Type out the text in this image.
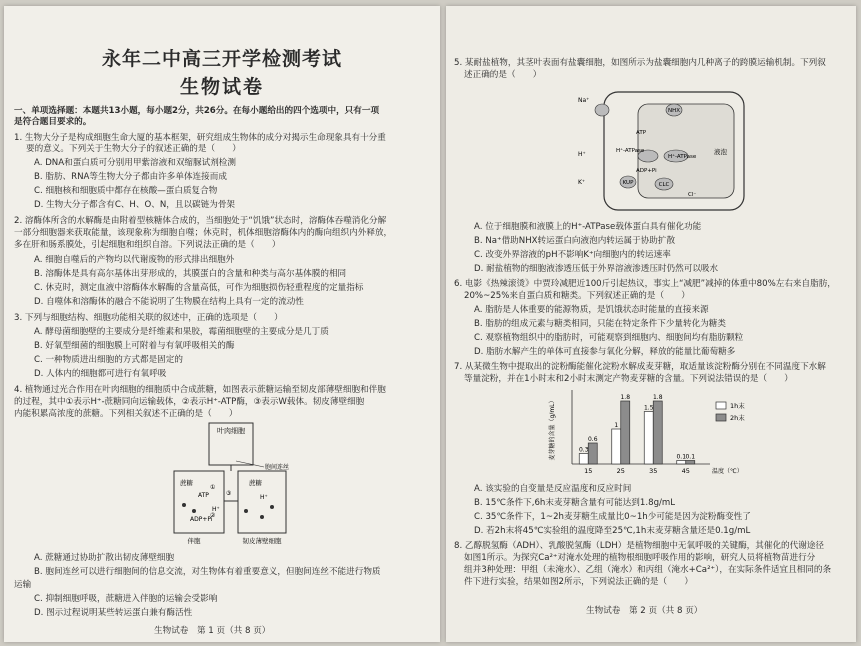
永年二中高三开学检测考试
生物试卷
一、单项选择题：本题共13小题，每小题2分，共26分。在每小题给出的四个选项中，只有一项
是符合题目要求的。
1. 生物大分子是构成细胞生命大厦的基本框架，研究组成生物体的成分对揭示生命现象具有十分重
要的意义。下列关于生物大分子的叙述正确的是（　　）
A. DNA和蛋白质可分别用甲紫溶液和双缩脲试剂检测
B. 脂肪、RNA等生物大分子都由许多单体连接而成
C. 细胞核和细胞质中都存在核酸—蛋白质复合物
D. 生物大分子都含有C、H、O、N，且以碳链为骨架
2. 溶酶体所含的水解酶是由附着型核糖体合成的，当细胞处于“饥饿”状态时，溶酶体吞噬消化分解
一部分细胞器来获取能量，该现象称为细胞自噬；休克时，机体细胞溶酶体内的酶向组织内外释放，
多在肝和肠系膜处，引起细胞和组织自溶。下列说法正确的是（　　）
A. 细胞自噬后的产物均以代谢废物的形式排出细胞外
B. 溶酶体是具有高尔基体出芽形成的，其膜蛋白的含量和种类与高尔基体膜的相同
C. 休克时，测定血液中溶酶体水解酶的含量高低，可作为细胞损伤轻重程度的定量指标
D. 自噬体和溶酶体的融合不能说明了生物膜在结构上具有一定的流动性
3. 下列与细胞结构、细胞功能相关联的叙述中，正确的选项是（　　）
A. 酵母菌细胞壁的主要成分是纤维素和果胶，霉菌细胞壁的主要成分是几丁质
B. 好氧型细菌的细胞膜上可附着与有氧呼吸相关的酶
C. 一种物质进出细胞的方式都是固定的
D. 人体内的细胞都可进行有氧呼吸
4. 植物通过光合作用在叶肉细胞的细胞质中合成蔗糖，如图表示蔗糖运输至韧皮部薄壁细胞和伴胞
的过程，其中①表示H⁺-蔗糖同向运输载体，②表示H⁺-ATP酶，③表示W载体。韧皮薄壁细胞
内能积累高浓度的蔗糖。下列相关叙述不正确的是（　　）
叶肉细胞
胞间连丝
蔗糖	蔗糖
ATP
ADP+Pi
H⁺
H⁺
①
②
③
伴胞	韧皮薄壁细胞
A. 蔗糖通过协助扩散出韧皮薄壁细胞
B. 胞间连丝可以进行细胞间的信息交流，对生物体有着重要意义，但胞间连丝不能进行物质
运输
C. 抑制细胞呼吸，蔗糖进入伴胞的运输会受影响
D. 图示过程说明某些转运蛋白兼有酶活性
生物试卷　第 1 页（共 8 页）
5. 某耐盐植物，其茎叶表面有盐囊细胞，如图所示为盐囊细胞内几种离子的跨膜运输机制。下列叙
述正确的是（　　）
Na⁺
H⁺
K⁺
NHX
H⁺-ATPase
H⁺-ATPase
KUP	CLC
ATP
ADP+Pi
液泡
Cl⁻
A. 位于细胞膜和液膜上的H⁺-ATPase载体蛋白具有催化功能
B. Na⁺借助NHX转运蛋白向液泡内转运属于协助扩散
C. 改变外界溶液的pH不影响K⁺向细胞内的转运速率
D. 耐盐植物的细胞液渗透压低于外界溶液渗透压时仍然可以吸水
6. 电影《热辣滚烫》中贾玲减肥近100斤引起热议，事实上“减肥”减掉的体重中80%左右来自脂肪，
20%~25%来自蛋白质和糖类。下列叙述正确的是（　　）
A. 脂肪是人体重要的能源物质，是饥饿状态时能量的直接来源
B. 脂肪的组成元素与糖类相同，只能在特定条件下少量转化为糖类
C. 观察植物组织中的脂肪时，可能观察到细胞内、细胞间均有脂肪颗粒
D. 脂肪水解产生的单体可直接参与氧化分解，释放的能量比葡萄糖多
7. 从某微生物中提取出的淀粉酶能催化淀粉水解成麦芽糖，取适量该淀粉酶分别在不同温度下水解
等量淀粉，并在1小时末和2小时末测定产物麦芽糖的含量。下列说法错误的是（　　）
麦芽糖的含量（g/mL）
温度（℃）
15	25	35	45
0.3
0.6
1
1.8
1.5
1.8
0.1 0.1
1h末
2h末
A. 该实验的自变量是反应温度和反应时间
B. 15℃条件下,6h末麦芽糖含量有可能达到1.8g/mL
C. 35℃条件下，1~2h麦芽糖生成量比0~1h少可能是因为淀粉酶变性了
D. 若2h末将45℃实验组的温度降至25℃,1h末麦芽糖含量还是0.1g/mL
8. 乙醇脱氢酶（ADH）、乳酸脱氢酶（LDH）是植物细胞中无氧呼吸的关键酶，其催化的代谢途径
如图1所示。为探究Ca²⁺对淹水处理的植物根细胞呼吸作用的影响，研究人员将植物苗进行分
组并3种处理：甲组（未淹水）、乙组（淹水）和丙组（淹水+Ca²⁺），在实际条件适宜且相同的条
件下进行实验，结果如图2所示，下列说法正确的是（　　）
生物试卷　第 2 页（共 8 页）
